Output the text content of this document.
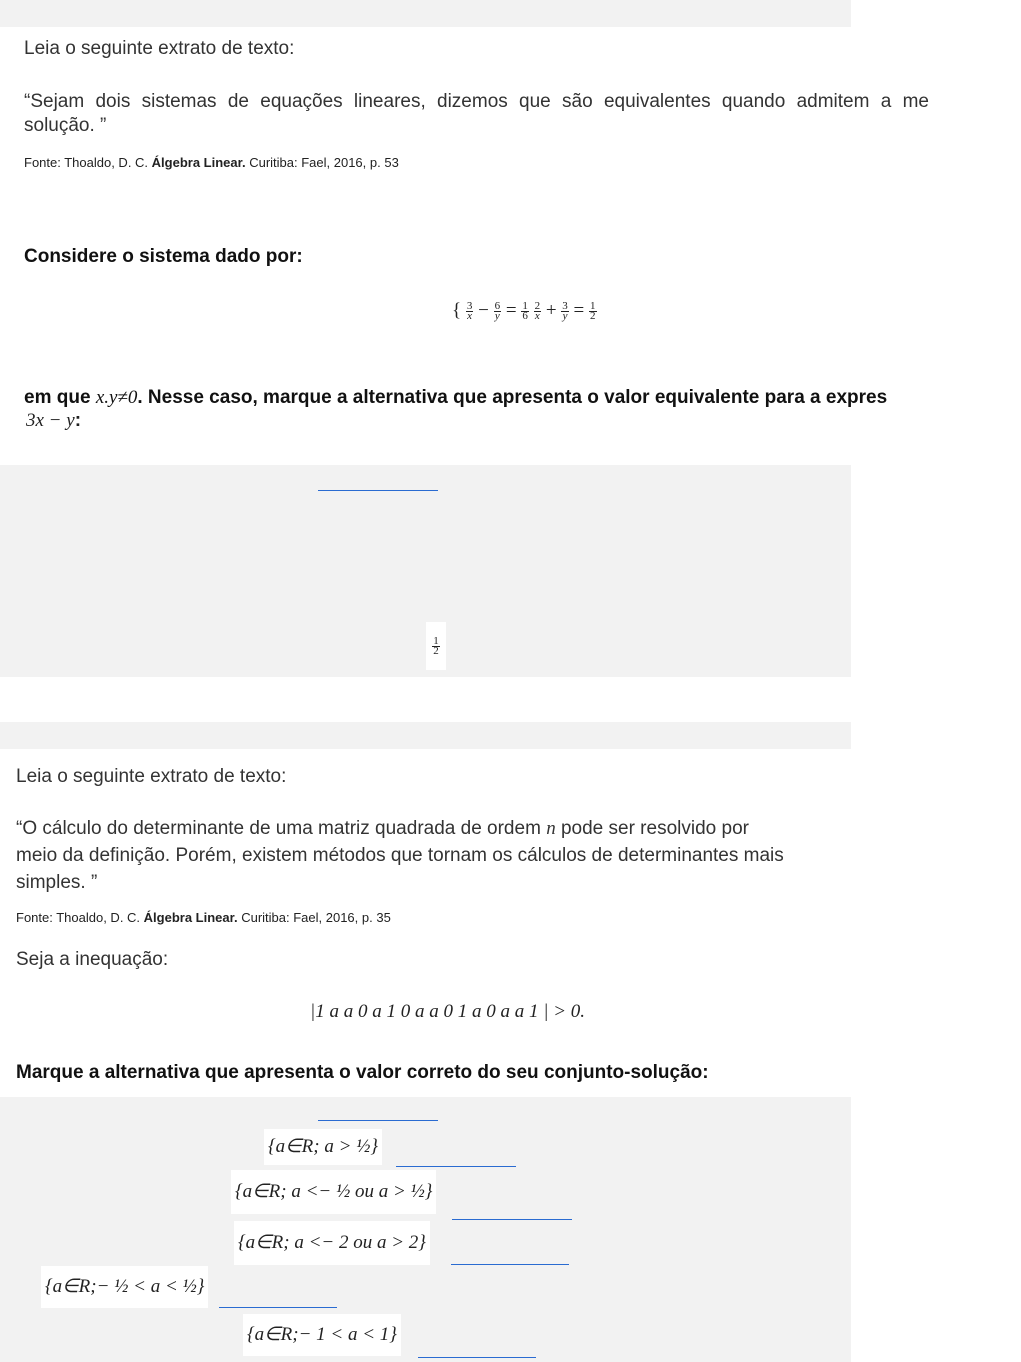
Leia o seguinte extrato de texto:
“Sejam dois sistemas de equações lineares, dizemos que são equivalentes quando admitem a me
solução. ”
Fonte: Thoaldo, D. C. Álgebra Linear. Curitiba: Fael, 2016, p. 53
Considere o sistema dado por:
{ $\frac{3}{x} - \frac{6}{y} = \frac{1}{6}$
$\frac{2}{x} + \frac{3}{y} = \frac{1}{2}$
em que x.y≠0. Nesse caso, marque a alternativa que apresenta o valor equivalente para a expres
3x − y:
$\frac{1}{2}$
Leia o seguinte extrato de texto:
“O cálculo do determinante de uma matriz quadrada de ordem n pode ser resolvido por
meio da definição. Porém, existem métodos que tornam os cálculos de determinantes mais
simples. ”
Fonte: Thoaldo, D. C. Álgebra Linear. Curitiba: Fael, 2016, p. 35
Seja a inequação:
|1 a a 0 a 1 0 a a 0 1 a 0 a a 1 | > 0.
Marque a alternativa que apresenta o valor correto do seu conjunto-solução:
{a∈R; a > ½}
{a∈R; a <− ½ ou a > ½}
{a∈R; a <− 2 ou a > 2}
{a∈R;− ½ < a < ½}
{a∈R;− 1 < a < 1}
